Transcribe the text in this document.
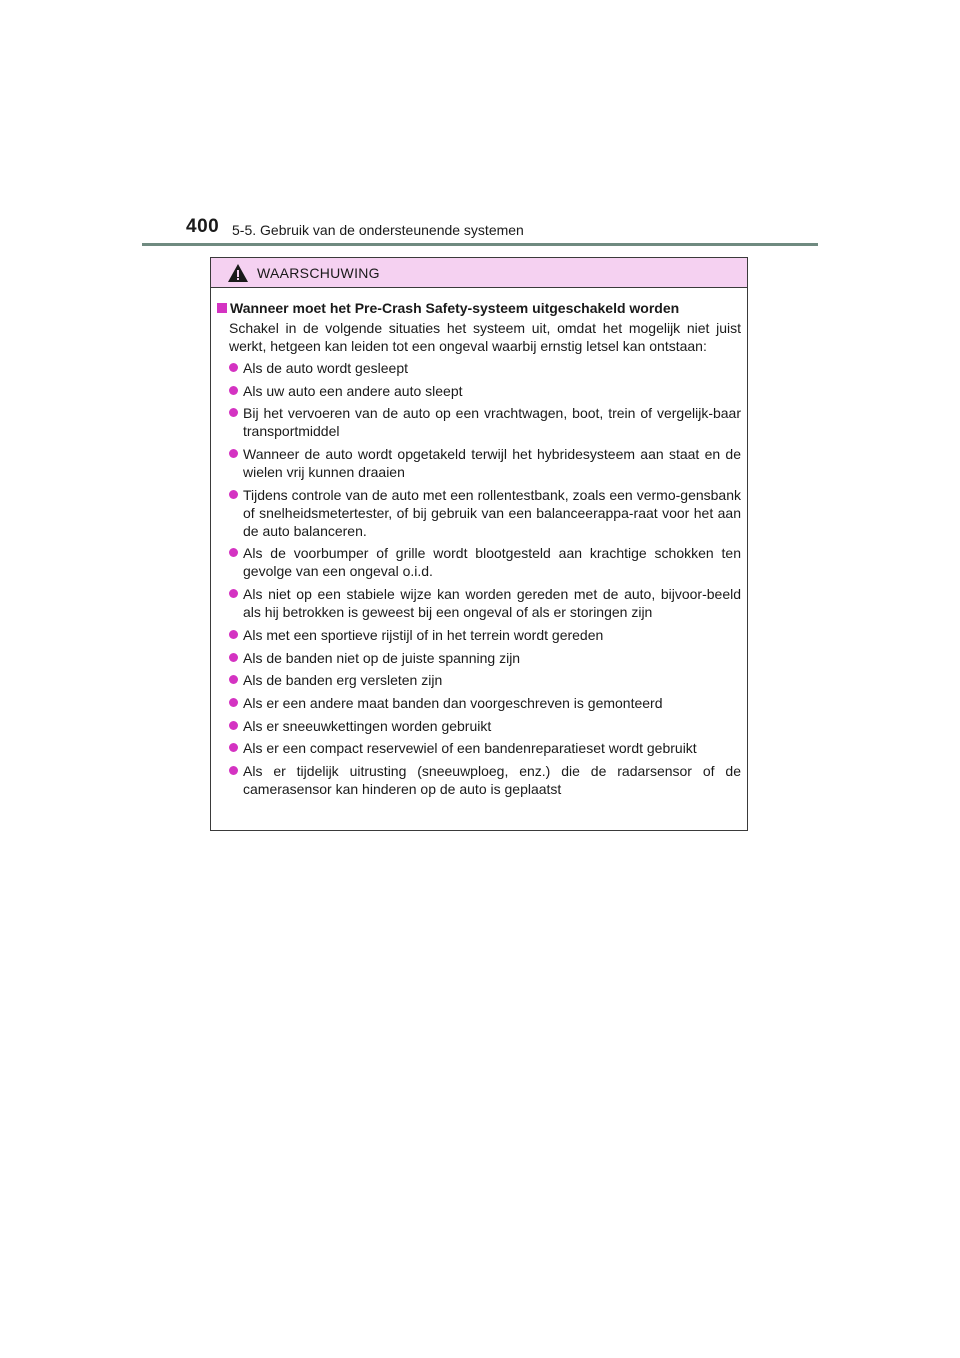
400 5-5. Gebruik van de ondersteunende systemen
WAARSCHUWING
Wanneer moet het Pre-Crash Safety-systeem uitgeschakeld worden

Schakel in de volgende situaties het systeem uit, omdat het mogelijk niet juist werkt, hetgeen kan leiden tot een ongeval waarbij ernstig letsel kan ontstaan:

Als de auto wordt gesleept
Als uw auto een andere auto sleept
Bij het vervoeren van de auto op een vrachtwagen, boot, trein of vergelijk-baar transportmiddel
Wanneer de auto wordt opgetakeld terwijl het hybridesysteem aan staat en de wielen vrij kunnen draaien
Tijdens controle van de auto met een rollentestbank, zoals een vermo-gensbank of snelheidsmetertester, of bij gebruik van een balanceerappa-raat voor het aan de auto balanceren.
Als de voorbumper of grille wordt blootgesteld aan krachtige schokken ten gevolge van een ongeval o.i.d.
Als niet op een stabiele wijze kan worden gereden met de auto, bijvoor-beeld als hij betrokken is geweest bij een ongeval of als er storingen zijn
Als met een sportieve rijstijl of in het terrein wordt gereden
Als de banden niet op de juiste spanning zijn
Als de banden erg versleten zijn
Als er een andere maat banden dan voorgeschreven is gemonteerd
Als er sneeuwkettingen worden gebruikt
Als er een compact reservewiel of een bandenreparatieset wordt gebruikt
Als er tijdelijk uitrusting (sneeuwploeg, enz.) die de radarsensor of de camerasensor kan hinderen op de auto is geplaatst
